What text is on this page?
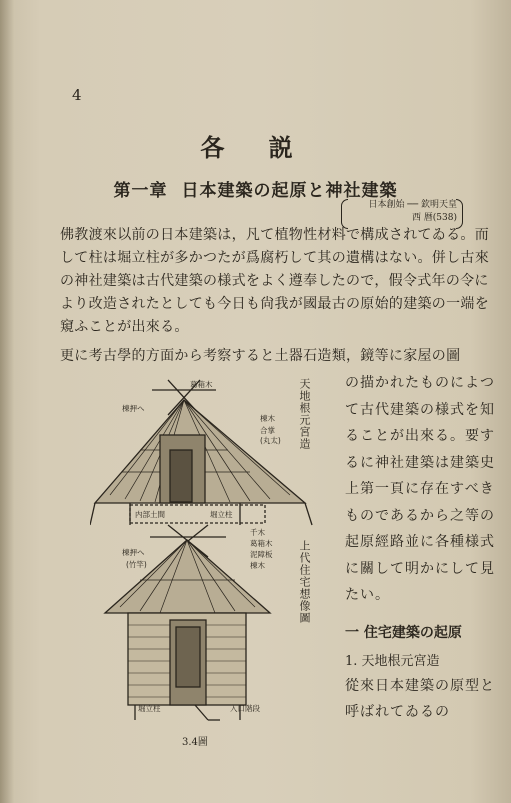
4
各 説
第一章 日本建築の起原と神社建築
日本創始 ── 欽明天皇
西 暦(538)
佛教渡來以前の日本建築は，凡て植物性材料で構成されてゐる。而して柱は堀立柱が多かつたが爲腐朽して其の遺構はない。併し古來の神社建築は古代建築の様式をよく遵奉したので，假令式年の令により改造されたとしても今日も尙我が國最古の原始的建築の一端を窺ふことが出來る。
更に考古學的方面から考察すると土器石造類，鏡等に家屋の圖
の描かれたものによつて古代建築の様式を知ることが出來る。要するに神社建築は建築史上第一頁に存在すべきものであるから之等の起原經路並に各種様式に關して明かにして見たい。
一 住宅建築の起原
1. 天地根元宮造
從來日本建築の原型と呼ばれてゐるの
天地根元宮造
上代住宅想像圖
葛箱木
棟押へ
棟木
合掌
(丸太)
内部土間	堀立柱
棟押へ
(竹竿)
千木
葛箱木
泥障板
棟木
堀立柱	入口階段
3.4圖
